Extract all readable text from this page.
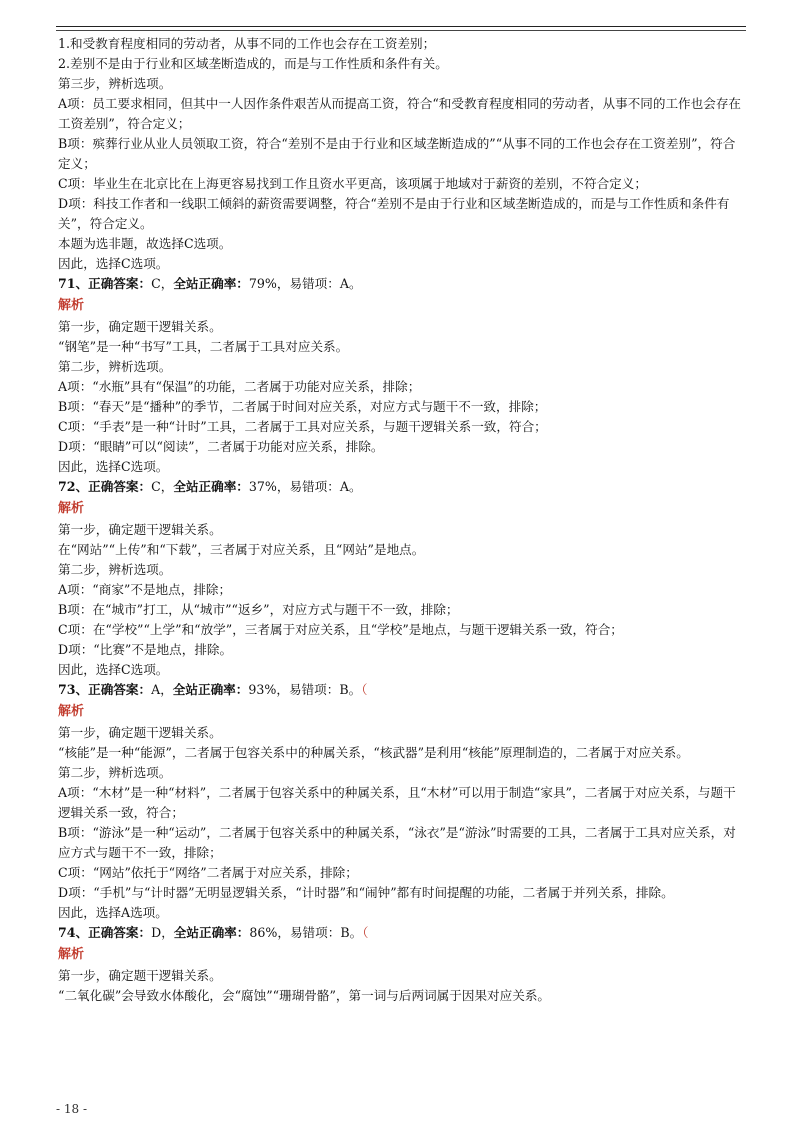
1.和受教育程度相同的劳动者，从事不同的工作也会存在工资差别；

2.差别不是由于行业和区域垄断造成的，而是与工作性质和条件有关。

第三步，辨析选项。

A项：员工要求相同，但其中一人因作条件艰苦从而提高工资，符合“和受教育程度相同的劳动者，从事不同的工作也会存在工资差别”，符合定义；

B项：殡葬行业从业人员领取工资，符合“差别不是由于行业和区域垄断造成的”“从事不同的工作也会存在工资差别”，符合定义；

C项：毕业生在北京比在上海更容易找到工作且资水平更高，该项属于地域对于薪资的差别，不符合定义；

D项：科技工作者和一线职工倾斜的薪资需要调整，符合“差别不是由于行业和区域垄断造成的，而是与工作性质和条件有关”，符合定义。

本题为选非题，故选择C选项。

因此，选择C选项。

71、正确答案：C，全站正确率：79%，易错项：A。

解析

第一步，确定题干逻辑关系。

“钢笔”是一种“书写”工具，二者属于工具对应关系。

第二步，辨析选项。

A项：“水瓶”具有“保温”的功能，二者属于功能对应关系，排除；

B项：“春天”是“播种”的季节，二者属于时间对应关系，对应方式与题干不一致，排除；

C项：“手表”是一种“计时”工具，二者属于工具对应关系，与题干逻辑关系一致，符合；

D项：“眼睛”可以“阅读”，二者属于功能对应关系，排除。

因此，选择C选项。

72、正确答案：C，全站正确率：37%，易错项：A。

解析

第一步，确定题干逻辑关系。

在“网站”“上传”和“下载”，三者属于对应关系，且“网站”是地点。

第二步，辨析选项。

A项：“商家”不是地点，排除；

B项：在“城市”打工，从“城市”“返乡”，对应方式与题干不一致，排除；

C项：在“学校”“上学”和“放学”，三者属于对应关系，且“学校”是地点，与题干逻辑关系一致，符合；

D项：“比赛”不是地点，排除。

因此，选择C选项。

73、正确答案：A，全站正确率：93%，易错项：B。（

解析

第一步，确定题干逻辑关系。

“核能”是一种“能源”，二者属于包容关系中的种属关系，“核武器”是利用“核能”原理制造的，二者属于对应关系。

第二步，辨析选项。

A项：“木材”是一种“材料”，二者属于包容关系中的种属关系，且“木材”可以用于制造“家具”，二者属于对应关系，与题干逻辑关系一致，符合；

B项：“游泳”是一种“运动”，二者属于包容关系中的种属关系，“泳衣”是“游泳”时需要的工具，二者属于工具对应关系，对应方式与题干不一致，排除；

C项：“网站”依托于“网络”二者属于对应关系，排除；

D项：“手机”与“计时器”无明显逻辑关系，“计时器”和“闹钟”都有时间提醒的功能，二者属于并列关系，排除。

因此，选择A选项。

74、正确答案：D，全站正确率：86%，易错项：B。（

解析

第一步，确定题干逻辑关系。

“二氧化碳”会导致水体酸化，会“腐蚀”“珊瑚骨骼”，第一词与后两词属于因果对应关系。

- 18 -
